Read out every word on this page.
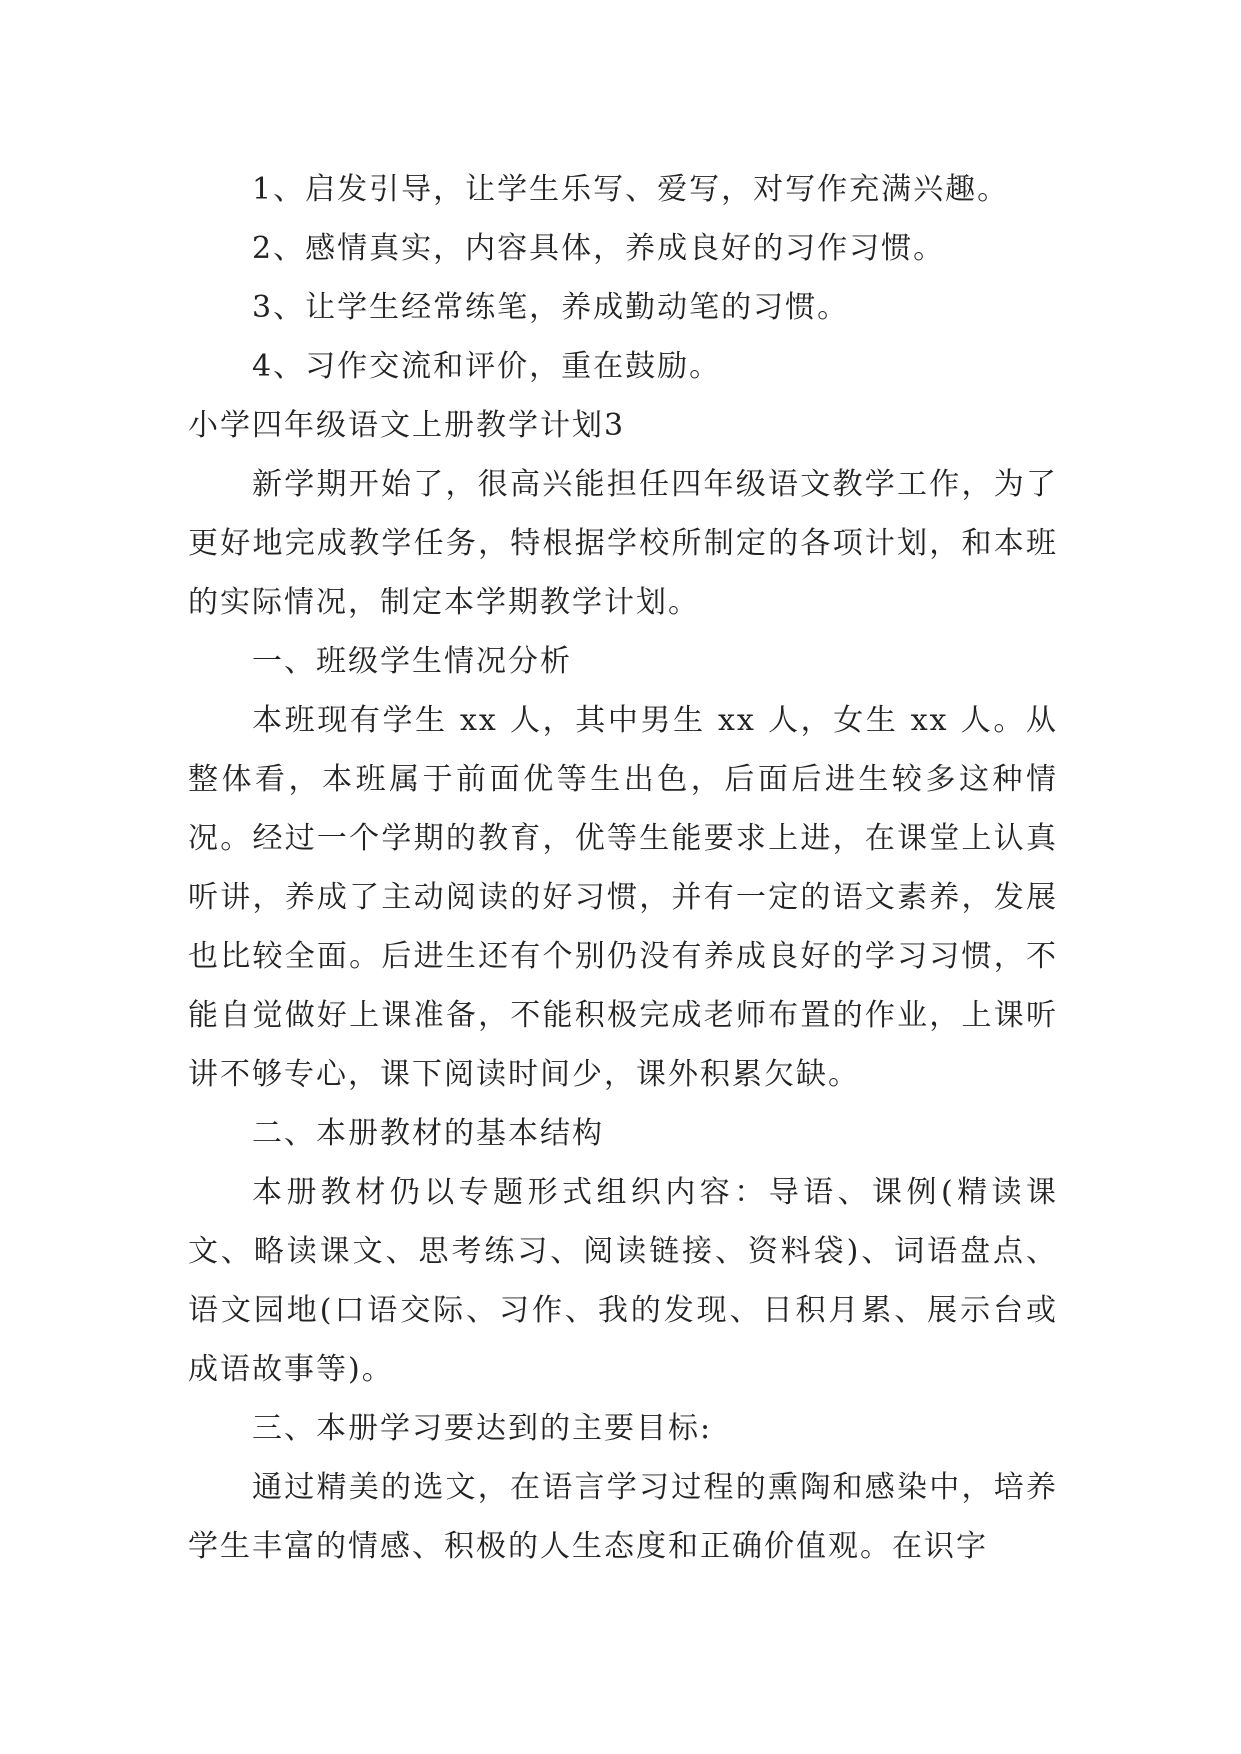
1、启发引导，让学生乐写、爱写，对写作充满兴趣。

2、感情真实，内容具体，养成良好的习作习惯。

3、让学生经常练笔，养成勤动笔的习惯。

4、习作交流和评价，重在鼓励。

小学四年级语文上册教学计划3

新学期开始了，很高兴能担任四年级语文教学工作，为了更好地完成教学任务，特根据学校所制定的各项计划，和本班的实际情况，制定本学期教学计划。

一、班级学生情况分析

本班现有学生 xx 人，其中男生 xx 人，女生 xx 人。从整体看，本班属于前面优等生出色，后面后进生较多这种情况。经过一个学期的教育，优等生能要求上进，在课堂上认真听讲，养成了主动阅读的好习惯，并有一定的语文素养，发展也比较全面。后进生还有个别仍没有养成良好的学习习惯，不能自觉做好上课准备，不能积极完成老师布置的作业，上课听讲不够专心，课下阅读时间少，课外积累欠缺。

二、本册教材的基本结构

本册教材仍以专题形式组织内容：导语、课例(精读课文、略读课文、思考练习、阅读链接、资料袋)、词语盘点、语文园地(口语交际、习作、我的发现、日积月累、展示台或成语故事等)。

三、本册学习要达到的主要目标:

通过精美的选文，在语言学习过程的熏陶和感染中，培养学生丰富的情感、积极的人生态度和正确价值观。在识字
